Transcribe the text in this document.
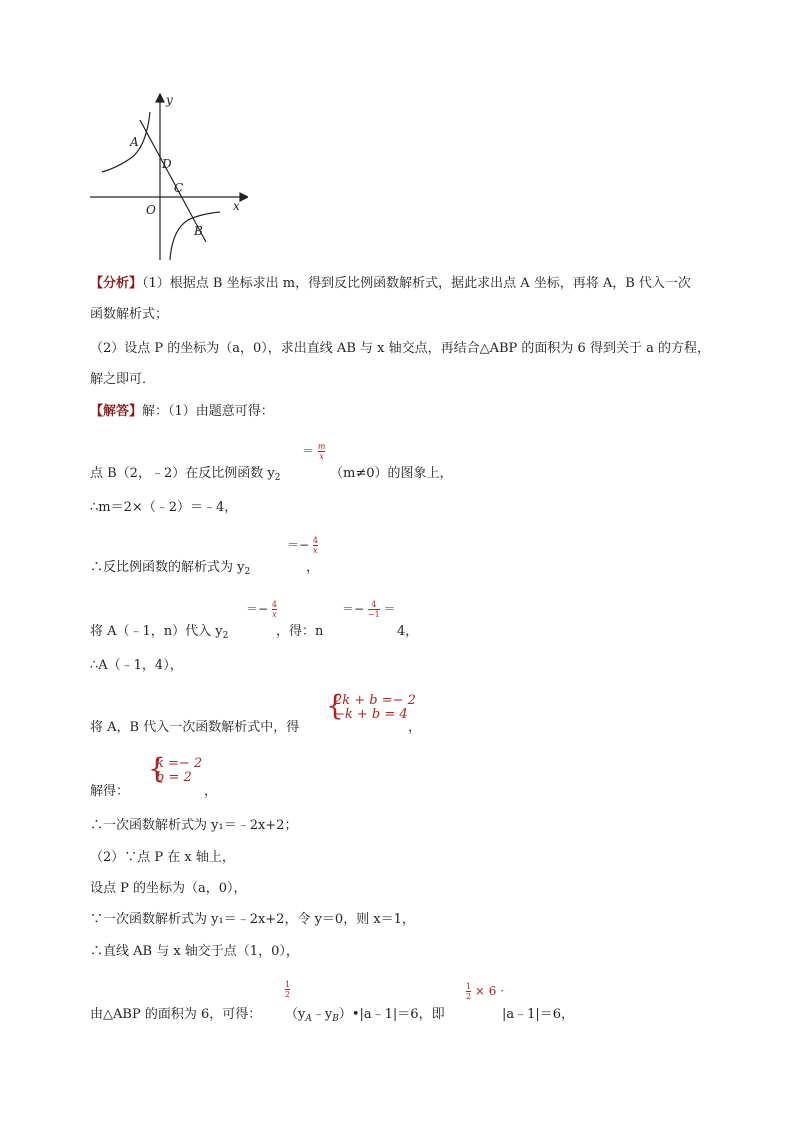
y
x
O
A
D
C
B
【分析】（1）根据点 B 坐标求出 m，得到反比例函数解析式，据此求出点 A 坐标，再将 A，B 代入一次
函数解析式；
（2）设点 P 的坐标为（a，0），求出直线 AB 与 x 轴交点，再结合△ABP 的面积为 6 得到关于 a 的方程，
解之即可．
【解答】解：（1）由题意可得：
点 B（2，﹣2）在反比例函数 $y_2$
＝ $\frac{m}{x}$
（m≠0）的图象上，
∴m＝2×（﹣2）＝﹣4，
∴反比例函数的解析式为 $y_2$
＝− $\frac{4}{x}$
，
将 A（﹣1，n）代入 $y_2$
＝− $\frac{4}{x}$
，得：n
＝− $\frac{4}{-1}$ ＝
4，
∴A（﹣1，4），
将 A，B 代入一次函数解析式中，得
{
2k + b =− 2
−k + b = 4
，
解得：
{
k =− 2
b = 2
，
∴一次函数解析式为 y₁＝﹣2x+2；
（2）∵点 P 在 x 轴上，
设点 P 的坐标为（a，0），
∵一次函数解析式为 y₁＝﹣2x+2，令 y＝0，则 x＝1，
∴直线 AB 与 x 轴交于点（1，0），
由△ABP 的面积为 6，可得：
$\frac{1}{2}$
$(y_A﹣y_B)•|a﹣1|=6$，即
$\frac{1}{2} \times 6$ ·
|a﹣1|＝6，
